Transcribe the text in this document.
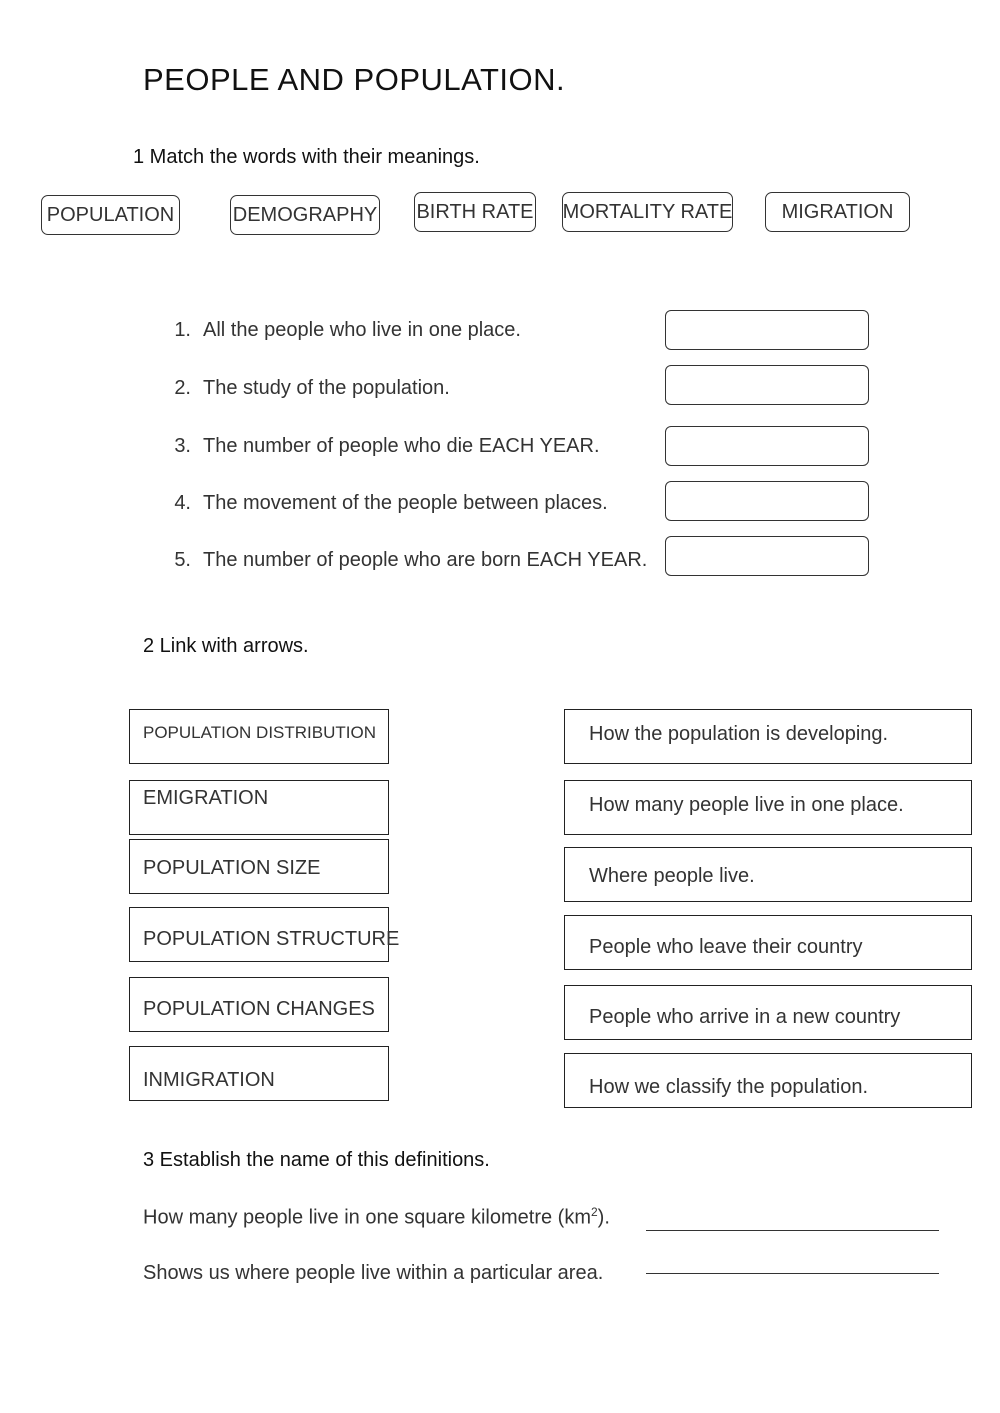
PEOPLE AND POPULATION.
1 Match the words with their meanings.
POPULATION	DEMOGRAPHY BIRTH RATE MORTALITY RATE	MIGRATION
1. All the people who live in one place.
2. The study of the population.
3. The number of people who die EACH YEAR.
4. The movement of the people between places.
5. The number of people who are born EACH YEAR.
2 Link with arrows.
POPULATION DISTRIBUTION
EMIGRATION
POPULATION SIZE
POPULATION STRUCTURE
POPULATION CHANGES
INMIGRATION
How the population is developing.
How many people live in one place.
Where people live.
People who leave their country
People who arrive in a new country
How we classify the population.
3 Establish the name of this definitions.
How many people live in one square kilometre $(km^2)$.
Shows us where people live within a particular area.
